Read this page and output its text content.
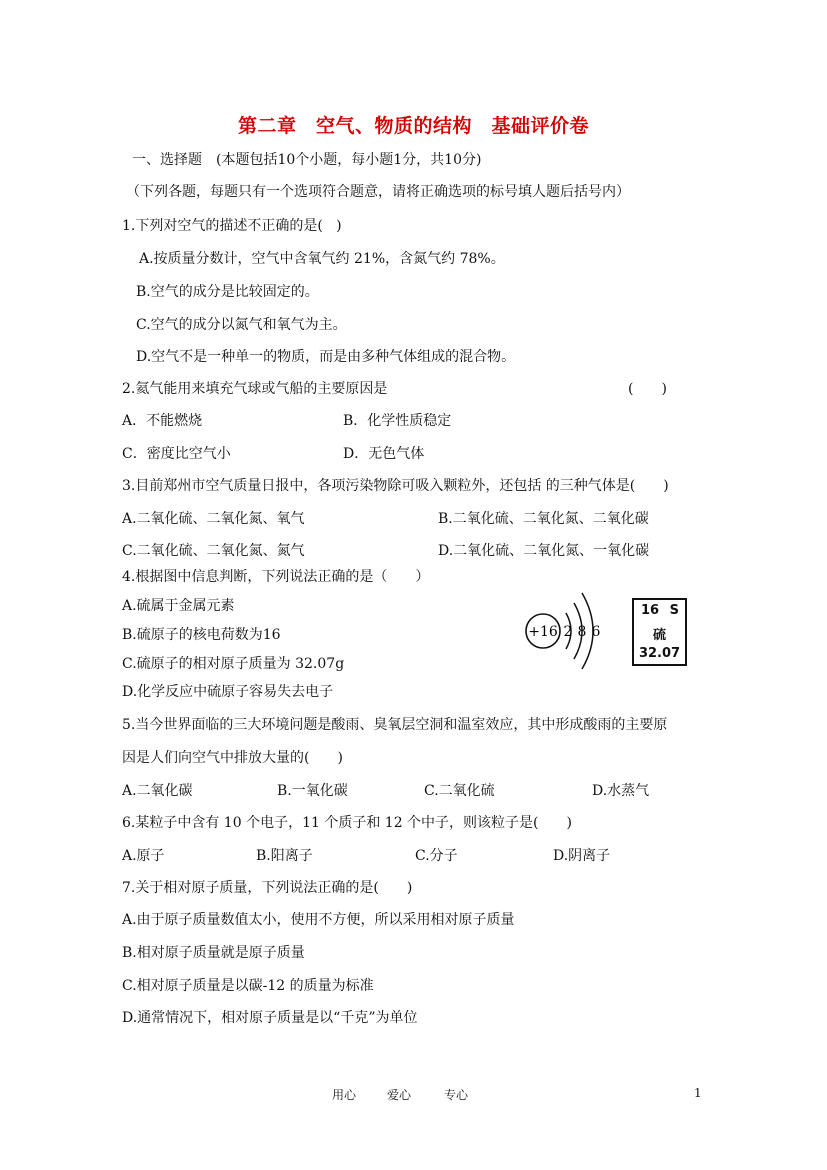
第二章　空气、物质的结构　基础评价卷
一、选择题　(本题包括10个小题，每小题1分，共10分)
（下列各题，每题只有一个选项符合题意，请将正确选项的标号填人题后括号内）
1.下列对空气的描述不正确的是(   )
A.按质量分数计，空气中含氧气约 21%，含氮气约 78%。
B.空气的成分是比较固定的。
C.空气的成分以氮气和氧气为主。
D.空气不是一种单一的物质，而是由多种气体组成的混合物。
2.氦气能用来填充气球或气船的主要原因是	(　　)
A．不能燃烧	B．化学性质稳定
C．密度比空气小	D．无色气体
3.目前郑州市空气质量日报中，各项污染物除可吸入颗粒外，还包括 的三种气体是(　　)
A.二氧化硫、二氧化氮、氧气	B.二氧化硫、二氧化氮、二氧化碳
C.二氧化硫、二氧化氮、氮气	D.二氧化硫、二氧化氮、一氧化碳
4.根据图中信息判断，下列说法正确的是（　　）
A.硫属于金属元素
B.硫原子的核电荷数为16
C.硫原子的相对原子质量为 32.07g
D.化学反应中硫原子容易失去电子
+16 2 8 6
16 S
硫
32.07
5.当今世界面临的三大环境问题是酸雨、臭氧层空洞和温室效应，其中形成酸雨的主要原
因是人们向空气中排放大量的(　　)
A.二氧化碳	B.一氧化碳	C.二氧化硫	D.水蒸气
6.某粒子中含有 10 个电子，11 个质子和 12 个中子，则该粒子是(　　)
A.原子	B.阳离子	C.分子	D.阴离子
7.关于相对原子质量，下列说法正确的是(　　)
A.由于原子质量数值太小，使用不方便，所以采用相对原子质量
B.相对原子质量就是原子质量
C.相对原子质量是以碳-12 的质量为标准
D.通常情况下，相对原子质量是以“千克”为单位
用心	爱心	专心	1
